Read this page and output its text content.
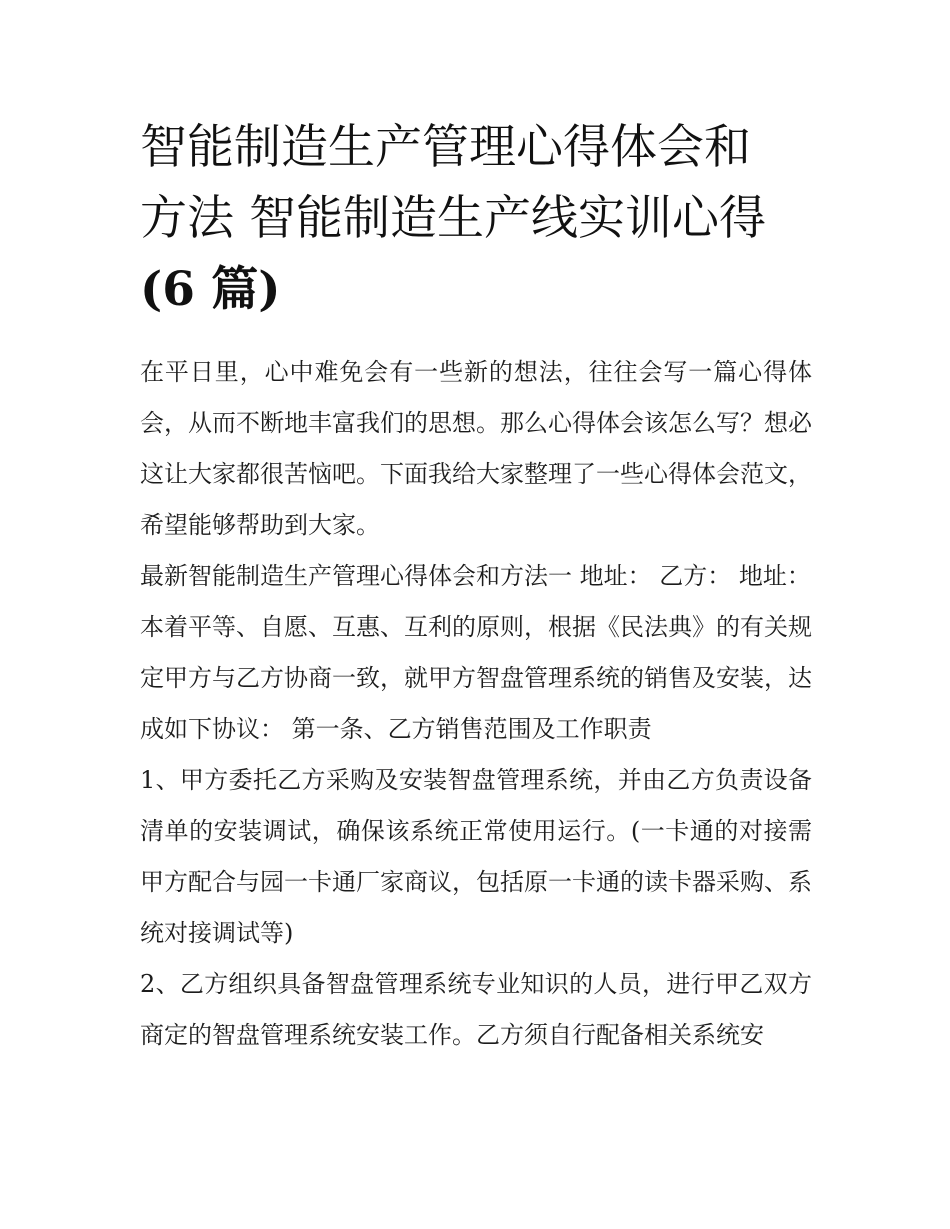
智能制造生产管理心得体会和
方法 智能制造生产线实训心得
(6 篇)

在平日里，心中难免会有一些新的想法，往往会写一篇心得体会，从而不断地丰富我们的思想。那么心得体会该怎么写？想必这让大家都很苦恼吧。下面我给大家整理了一些心得体会范文，希望能够帮助到大家。

最新智能制造生产管理心得体会和方法一 地址： 乙方： 地址：

本着平等、自愿、互惠、互利的原则，根据《民法典》的有关规定甲方与乙方协商一致，就甲方智盘管理系统的销售及安装，达成如下协议： 第一条、乙方销售范围及工作职责

1、甲方委托乙方采购及安装智盘管理系统，并由乙方负责设备清单的安装调试，确保该系统正常使用运行。(一卡通的对接需甲方配合与园一卡通厂家商议，包括原一卡通的读卡器采购、系统对接调试等)

2、乙方组织具备智盘管理系统专业知识的人员，进行甲乙双方商定的智盘管理系统安装工作。乙方须自行配备相关系统安
